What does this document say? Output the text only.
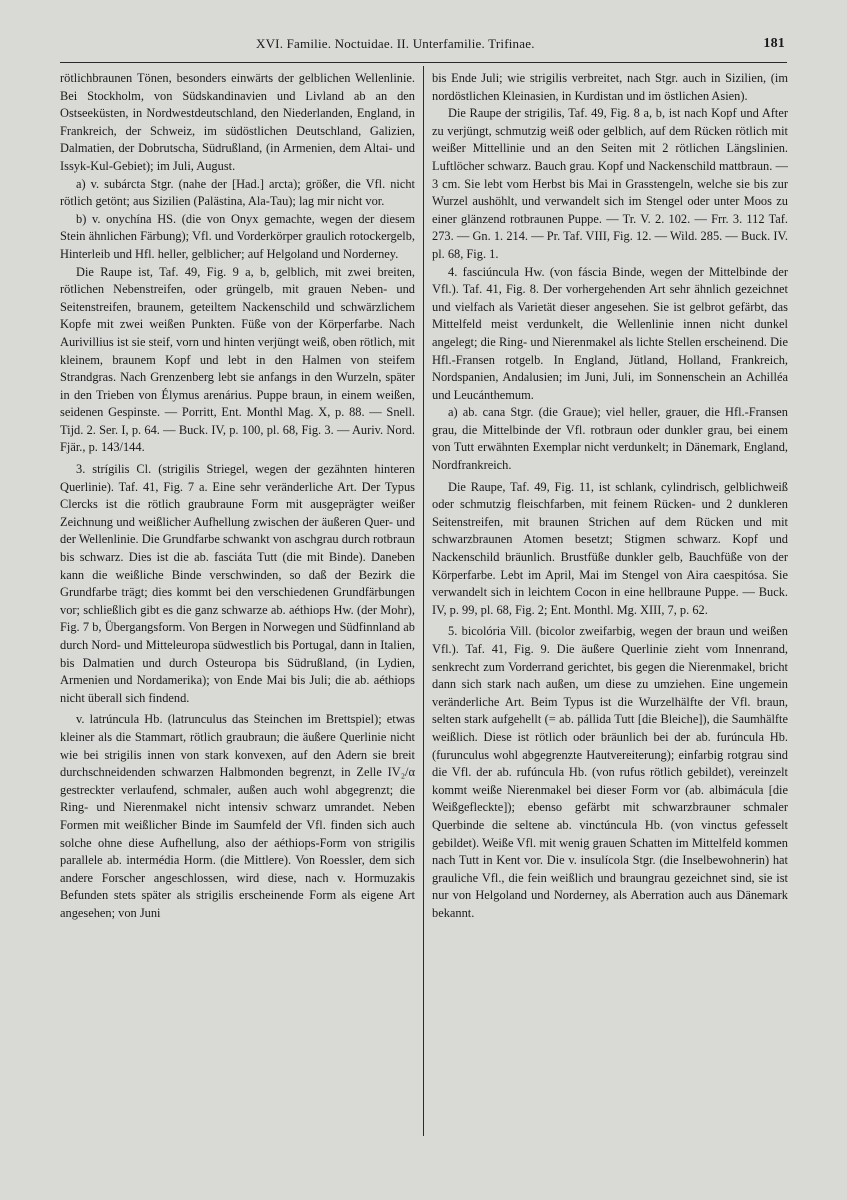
XVI. Familie. Noctuidae. II. Unterfamilie. Trifinae.	181

rötlichbraunen Tönen, besonders einwärts der gelblichen Wellenlinie. Bei Stockholm, von Südskandinavien und Livland ab an den Ostseeküsten, in Nordwestdeutschland, den Niederlanden, England, in Frankreich, der Schweiz, im südöstlichen Deutschland, Galizien, Dalmatien, der Dobrutscha, Südrußland, (in Armenien, dem Altai- und Issyk-Kul-Gebiet); im Juli, August.

a) v. subárcta Stgr. (nahe der [Had.] arcta); größer, die Vfl. nicht rötlich getönt; aus Sizilien (Palästina, Ala-Tau); lag mir nicht vor.

b) v. onychína HS. (die von Onyx gemachte, wegen der diesem Stein ähnlichen Färbung); Vfl. und Vorderkörper graulich rotockergelb, Hinterleib und Hfl. heller, gelblicher; auf Helgoland und Norderney.

Die Raupe ist, Taf. 49, Fig. 9 a, b, gelblich, mit zwei breiten, rötlichen Nebenstreifen, oder grüngelb, mit grauen Neben- und Seitenstreifen, braunem, geteiltem Nackenschild und schwärzlichem Kopfe mit zwei weißen Punkten. Füße von der Körperfarbe. Nach Aurivillius ist sie steif, vorn und hinten verjüngt weiß, oben rötlich, mit kleinem, braunem Kopf und lebt in den Halmen von steifem Strandgras. Nach Grenzenberg lebt sie anfangs in den Wurzeln, später in den Trieben von Élymus arenárius. Puppe braun, in einem weißen, seidenen Gespinste. — Porritt, Ent. Monthl Mag. X, p. 88. — Snell. Tijd. 2. Ser. I, p. 64. — Buck. IV, p. 100, pl. 68, Fig. 3. — Auriv. Nord. Fjär., p. 143/144.

3. strígilis Cl. (strigilis Striegel, wegen der gezähnten hinteren Querlinie). Taf. 41, Fig. 7 a. Eine sehr veränderliche Art. Der Typus Clercks ist die rötlich graubraune Form mit ausgeprägter weißer Zeichnung und weißlicher Aufhellung zwischen der äußeren Quer- und der Wellenlinie. Die Grundfarbe schwankt von aschgrau durch rotbraun bis schwarz. Dies ist die ab. fasciáta Tutt (die mit Binde). Daneben kann die weißliche Binde verschwinden, so daß der Bezirk die Grundfarbe trägt; dies kommt bei den verschiedenen Grundfärbungen vor; schließlich gibt es die ganz schwarze ab. aéthiops Hw. (der Mohr), Fig. 7 b, Übergangsform. Von Bergen in Norwegen und Südfinnland ab durch Nord- und Mitteleuropa südwestlich bis Portugal, dann in Italien, bis Dalmatien und durch Osteuropa bis Südrußland, (in Lydien, Armenien und Nordamerika); von Ende Mai bis Juli; die ab. aéthiops nicht überall sich findend.

v. latrúncula Hb. (latrunculus das Steinchen im Brettspiel); etwas kleiner als die Stammart, rötlich graubraun; die äußere Querlinie nicht wie bei strigilis innen von stark konvexen, auf den Adern sie breit durchschneidenden schwarzen Halbmonden begrenzt, in Zelle IV₂/α gestreckter verlaufend, schmaler, außen auch wohl abgegrenzt; die Ring- und Nierenmakel nicht intensiv schwarz umrandet. Neben Formen mit weißlicher Binde im Saumfeld der Vfl. finden sich auch solche ohne diese Aufhellung, also der aéthiops-Form von strigilis parallele ab. intermédia Horm. (die Mittlere). Von Roessler, dem sich andere Forscher angeschlossen, wird diese, nach v. Hormuzakis Befunden stets später als strigilis erscheinende Form als eigene Art angesehen; von Juni

bis Ende Juli; wie strigilis verbreitet, nach Stgr. auch in Sizilien, (im nordöstlichen Kleinasien, in Kurdistan und im östlichen Asien).

Die Raupe der strigilis, Taf. 49, Fig. 8 a, b, ist nach Kopf und After zu verjüngt, schmutzig weiß oder gelblich, auf dem Rücken rötlich mit weißer Mittellinie und an den Seiten mit 2 rötlichen Längslinien. Luftlöcher schwarz. Bauch grau. Kopf und Nackenschild mattbraun. — 3 cm. Sie lebt vom Herbst bis Mai in Grasstengeln, welche sie bis zur Wurzel aushöhlt, und verwandelt sich im Stengel oder unter Moos zu einer glänzend rotbraunen Puppe. — Tr. V. 2. 102. — Frr. 3. 112 Taf. 273. — Gn. 1. 214. — Pr. Taf. VIII, Fig. 12. — Wild. 285. — Buck. IV. pl. 68, Fig. 1.

4. fasciúncula Hw. (von fáscia Binde, wegen der Mittelbinde der Vfl.). Taf. 41, Fig. 8. Der vorhergehenden Art sehr ähnlich gezeichnet und vielfach als Varietät dieser angesehen. Sie ist gelbrot gefärbt, das Mittelfeld meist verdunkelt, die Wellenlinie innen nicht dunkel angelegt; die Ring- und Nierenmakel als lichte Stellen erscheinend. Die Hfl.-Fransen rotgelb. In England, Jütland, Holland, Frankreich, Nordspanien, Andalusien; im Juni, Juli, im Sonnenschein an Achilléa und Leucánthemum.

a) ab. cana Stgr. (die Graue); viel heller, grauer, die Hfl.-Fransen grau, die Mittelbinde der Vfl. rotbraun oder dunkler grau, bei einem von Tutt erwähnten Exemplar nicht verdunkelt; in Dänemark, England, Nordfrankreich.

Die Raupe, Taf. 49, Fig. 11, ist schlank, cylindrisch, gelblichweiß oder schmutzig fleischfarben, mit feinem Rücken- und 2 dunkleren Seitenstreifen, mit braunen Strichen auf dem Rücken und mit schwarzbraunen Atomen besetzt; Stigmen schwarz. Kopf und Nackenschild bräunlich. Brustfüße dunkler gelb, Bauchfüße von der Körperfarbe. Lebt im April, Mai im Stengel von Aira caespitósa. Sie verwandelt sich in leichtem Cocon in eine hellbraune Puppe. — Buck. IV, p. 99, pl. 68, Fig. 2; Ent. Monthl. Mg. XIII, 7, p. 62.

5. bicolória Vill. (bicolor zweifarbig, wegen der braun und weißen Vfl.). Taf. 41, Fig. 9. Die äußere Querlinie zieht vom Innenrand, senkrecht zum Vorderrand gerichtet, bis gegen die Nierenmakel, bricht dann sich stark nach außen, um diese zu umziehen. Eine ungemein veränderliche Art. Beim Typus ist die Wurzelhälfte der Vfl. braun, selten stark aufgehellt (= ab. pállida Tutt [die Bleiche]), die Saumhälfte weißlich. Diese ist rötlich oder bräunlich bei der ab. furúncula Hb. (furunculus wohl abgegrenzte Hautvereiterung); einfarbig rotgrau sind die Vfl. der ab. rufúncula Hb. (von rufus rötlich gebildet), vereinzelt kommt weiße Nierenmakel bei dieser Form vor (ab. albimácula [die Weißgefleckte]); ebenso gefärbt mit schwarzbrauner schmaler Querbinde die seltene ab. vinctúncula Hb. (von vinctus gefesselt gebildet). Weiße Vfl. mit wenig grauen Schatten im Mittelfeld kommen nach Tutt in Kent vor. Die v. insulícola Stgr. (die Inselbewohnerin) hat grauliche Vfl., die fein weißlich und braungrau gezeichnet sind, sie ist nur von Helgoland und Norderney, als Aberration auch aus Dänemark bekannt.
